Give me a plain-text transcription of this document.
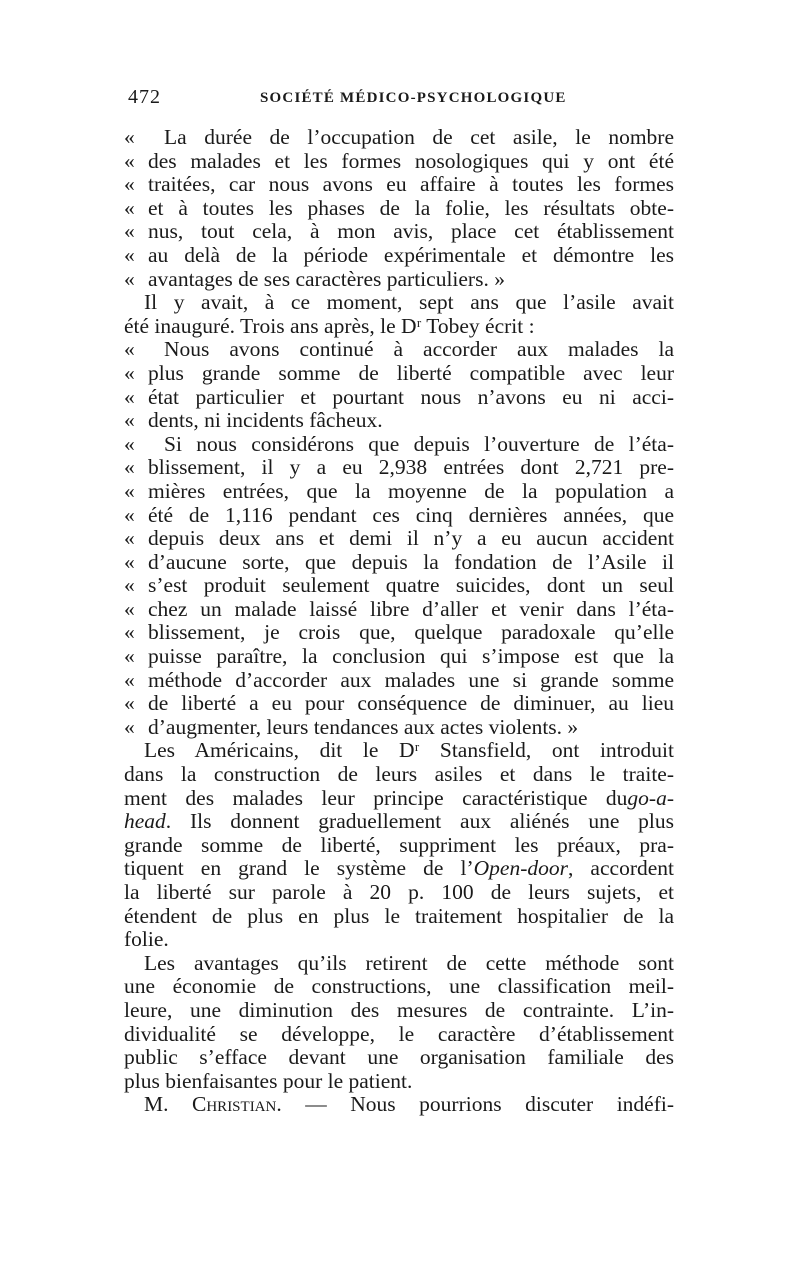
472	SOCIÉTÉ MÉDICO-PSYCHOLOGIQUE
« La durée de l’occupation de cet asile, le nombre
« des malades et les formes nosologiques qui y ont été
« traitées, car nous avons eu affaire à toutes les formes
« et à toutes les phases de la folie, les résultats obte-
« nus, tout cela, à mon avis, place cet établissement
« au delà de la période expérimentale et démontre les
« avantages de ses caractères particuliers. »
Il y avait, à ce moment, sept ans que l’asile avait
été inauguré. Trois ans après, le Dʳ Tobey écrit :
« Nous avons continué à accorder aux malades la
« plus grande somme de liberté compatible avec leur
« état particulier et pourtant nous n’avons eu ni acci-
« dents, ni incidents fâcheux.
« Si nous considérons que depuis l’ouverture de l’éta-
« blissement, il y a eu 2,938 entrées dont 2,721 pre-
« mières entrées, que la moyenne de la population a
« été de 1,116 pendant ces cinq dernières années, que
« depuis deux ans et demi il n’y a eu aucun accident
« d’aucune sorte, que depuis la fondation de l’Asile il
« s’est produit seulement quatre suicides, dont un seul
« chez un malade laissé libre d’aller et venir dans l’éta-
« blissement, je crois que, quelque paradoxale qu’elle
« puisse paraître, la conclusion qui s’impose est que la
« méthode d’accorder aux malades une si grande somme
« de liberté a eu pour conséquence de diminuer, au lieu
« d’augmenter, leurs tendances aux actes violents. »
Les Américains, dit le Dʳ Stansfield, ont introduit
dans la construction de leurs asiles et dans le traite-
ment des malades leur principe caractéristique dugo-a-
head. Ils donnent graduellement aux aliénés une plus
grande somme de liberté, suppriment les préaux, pra-
tiquent en grand le système de l’Open-door, accordent
la liberté sur parole à 20 p. 100 de leurs sujets, et
étendent de plus en plus le traitement hospitalier de la
folie.
Les avantages qu’ils retirent de cette méthode sont
une économie de constructions, une classification meil-
leure, une diminution des mesures de contrainte. L’in-
dividualité se développe, le caractère d’établissement
public s’efface devant une organisation familiale des
plus bienfaisantes pour le patient.
M. Christian. — Nous pourrions discuter indéfi-
